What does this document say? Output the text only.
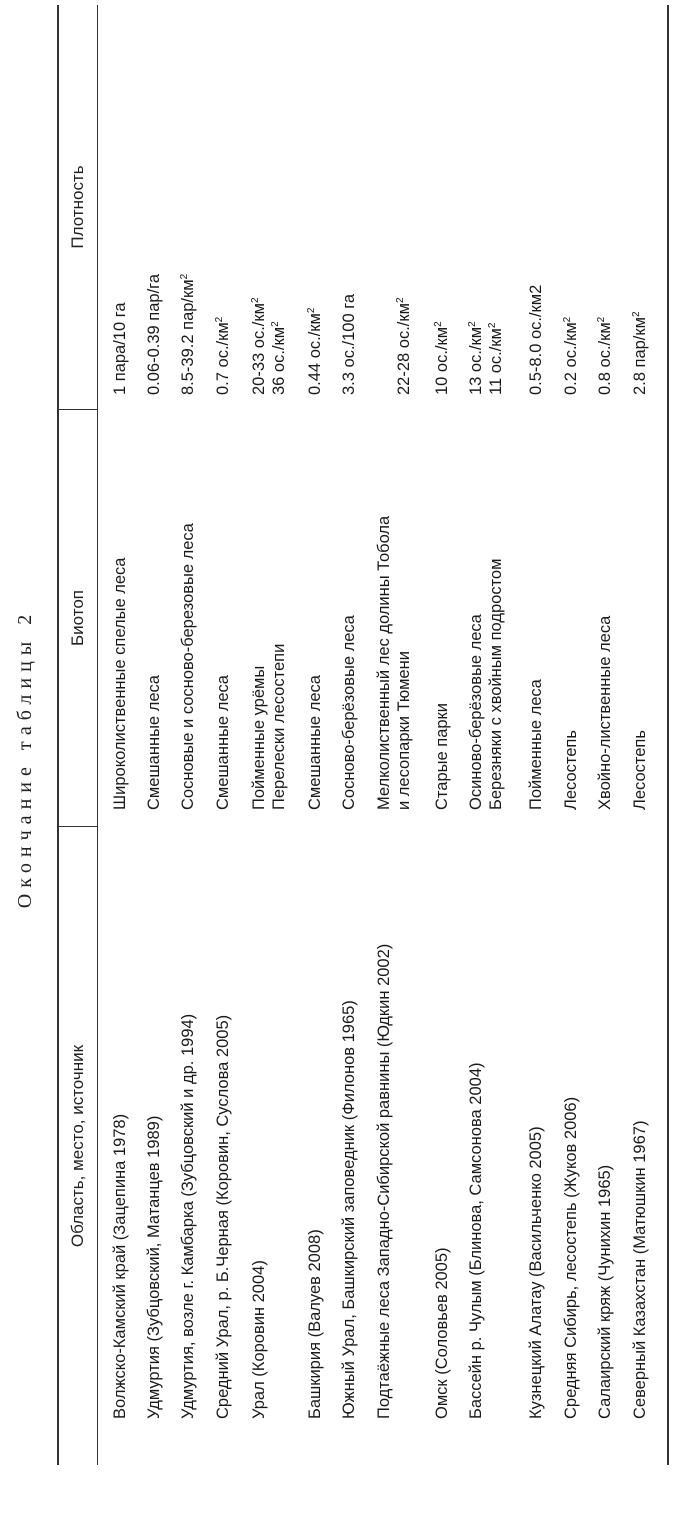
Окончание таблицы 2
Область, место, источник
Биотоп
Плотность
Волжско-Камский край (Зацепина 1978)
Широколиственные спелые леса
1 пара/10 га
Удмуртия (Зубцовский, Матанцев 1989)
Смешанные леса
0.06-0.39 пар/га
Удмуртия, возле г. Камбарка (Зубцовский и др. 1994)
Сосновые и сосново-березовые леса
8.5-39.2 пар/$км^2$
Средний Урал, р. Б.Черная (Коровин, Суслова 2005)
Смешанные леса
0.7 $ос./км^2$
Урал (Коровин 2004)
Пойменные урёмы Перелески лесостепи
20-33 $ос./км^2$
36 $ос./км^2$
Башкирия (Валуев 2008)
Смешанные леса
0.44 $ос./км^2$
Южный Урал, Башкирский заповедник (Филонов 1965)
Сосново-берёзовые леса
3.3 ос./100 га
Подтаёжные леса Западно-Сибирской равнины (Юдкин 2002)
Мелколиственный лес долины Тобола и лесопарки Тюмени
22-28 $ос./км^2$
Омск (Соловьев 2005)
Старые парки
10 $ос./км^2$
Бассейн р. Чулым (Блинова, Самсонова 2004)
Осиново-берёзовые леса Березняки с хвойным подростом
13 $ос./км^2$
11 $ос./км^2$
Кузнецкий Алатау (Васильченко 2005)
Пойменные леса
0.5-8.0 ос./км2
Средняя Сибирь, лесостепь (Жуков 2006)
Лесостепь
0.2 $ос./км^2$
Салаирский кряж (Чунихин 1965)
Хвойно-лиственные леса
0.8 $ос./км^2$
Северный Казахстан (Матюшкин 1967)
Лесостепь
2.8 пар/$км^2$
